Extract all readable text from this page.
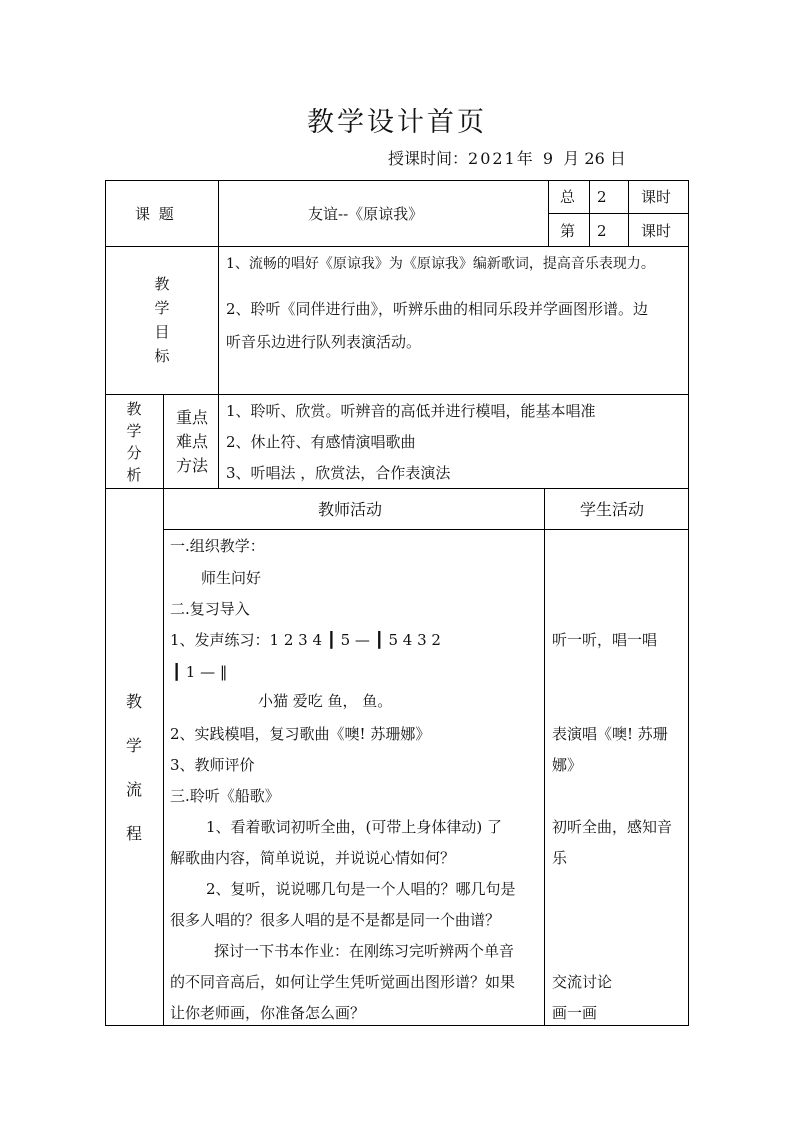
教学设计首页
授课时间：2021年 9 月 26 日
课 题	友谊--《原谅我》
总 2 课时
第 2 课时
教
学
目
标
1、流畅的唱好《原谅我》为《原谅我》编新歌词，提高音乐表现力。
2、聆听《同伴进行曲》，听辨乐曲的相同乐段并学画图形谱。边
听音乐边进行队列表演活动。
教
学
分
析
重点
难点
方法
1、聆听、欣赏。听辨音的高低并进行模唱，能基本唱准
2、休止符、有感情演唱歌曲
3、听唱法 ，欣赏法，合作表演法
教
学
流
程
教师活动	学生活动
一.组织教学：
师生问好
二.复习导入
1、发声练习：1 2 3 4 ┃ 5 — ┃ 5 4 3 2
┃ 1 — ‖
小猫 爱吃 鱼， 鱼。
2、实践模唱，复习歌曲《噢! 苏珊娜》
3、教师评价
三.聆听《船歌》
1、看着歌词初听全曲，(可带上身体律动) 了
解歌曲内容，简单说说，并说说心情如何？
2、复听，说说哪几句是一个人唱的？哪几句是
很多人唱的？很多人唱的是不是都是同一个曲谱？
探讨一下书本作业：在刚练习完听辨两个单音
的不同音高后，如何让学生凭听觉画出图形谱？如果
让你老师画，你准备怎么画？
听一听，唱一唱
表演唱《噢! 苏珊
娜》
初听全曲，感知音
乐
交流讨论
画一画
